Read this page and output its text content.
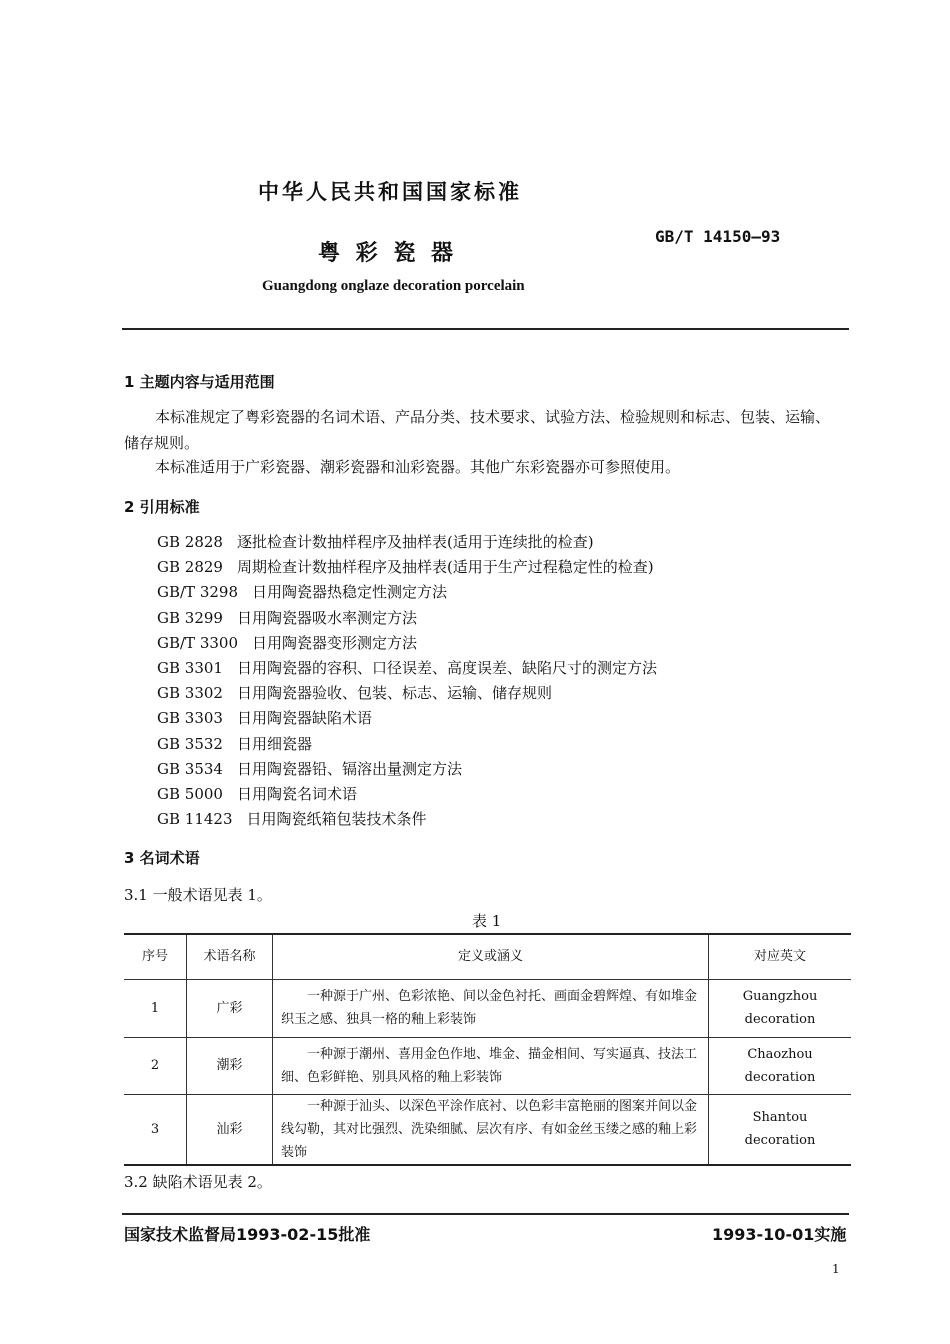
中华人民共和国国家标准
GB/T 14150—93
粤 彩 瓷 器
Guangdong onglaze decoration porcelain
1 主题内容与适用范围
本标准规定了粤彩瓷器的名词术语、产品分类、技术要求、试验方法、检验规则和标志、包装、运输、
储存规则。
本标准适用于广彩瓷器、潮彩瓷器和汕彩瓷器。其他广东彩瓷器亦可参照使用。
2 引用标准
GB 2828 逐批检查计数抽样程序及抽样表(适用于连续批的检查)
GB 2829 周期检查计数抽样程序及抽样表(适用于生产过程稳定性的检查)
GB/T 3298 日用陶瓷器热稳定性测定方法
GB 3299 日用陶瓷器吸水率测定方法
GB/T 3300 日用陶瓷器变形测定方法
GB 3301 日用陶瓷器的容积、口径误差、高度误差、缺陷尺寸的测定方法
GB 3302 日用陶瓷器验收、包装、标志、运输、储存规则
GB 3303 日用陶瓷器缺陷术语
GB 3532 日用细瓷器
GB 3534 日用陶瓷器铅、镉溶出量测定方法
GB 5000 日用陶瓷名词术语
GB 11423 日用陶瓷纸箱包装技术条件
3 名词术语
3.1 一般术语见表 1。
表 1
序号	术语名称	定义或涵义	对应英文
1	广彩	一种源于广州、色彩浓艳、间以金色衬托、画面金碧辉煌、有如堆金织玉之感、独具一格的釉上彩装饰	Guangzhou
decoration

2	潮彩	一种源于潮州、喜用金色作地、堆金、描金相间、写实逼真、技法工细、色彩鲜艳、别具风格的釉上彩装饰	Chaozhou
decoration

3	汕彩	一种源于汕头、以深色平涂作底衬、以色彩丰富艳丽的图案并间以金线勾勒，其对比强烈、洗染细腻、层次有序、有如金丝玉缕之感的釉上彩装饰	Shantou
decoration
3.2 缺陷术语见表 2。
国家技术监督局1993-02-15批准	1993-10-01实施
1
